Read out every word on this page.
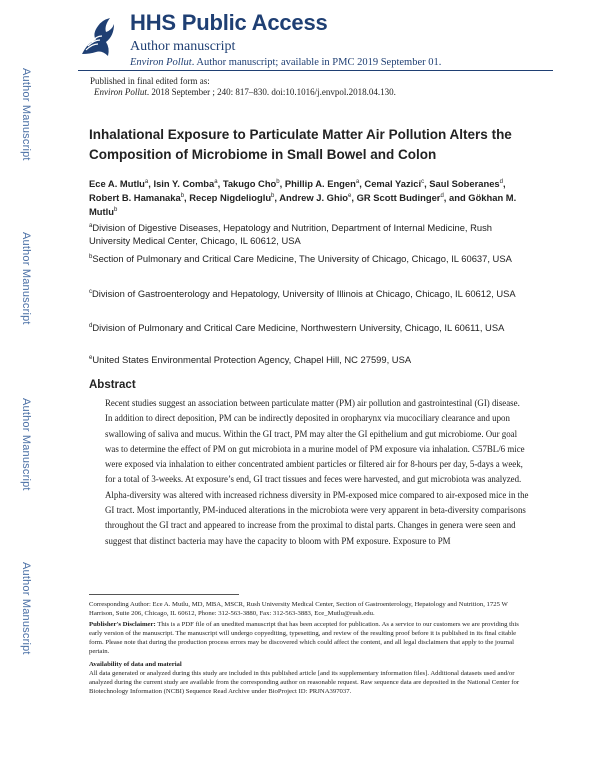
Author Manuscript
Author Manuscript
Author Manuscript
Author Manuscript
HHS Public Access
Author manuscript
Environ Pollut. Author manuscript; available in PMC 2019 September 01.
Published in final edited form as:
Environ Pollut. 2018 September ; 240: 817–830. doi:10.1016/j.envpol.2018.04.130.
Inhalational Exposure to Particulate Matter Air Pollution Alters the Composition of Microbiome in Small Bowel and Colon
Ece A. Mutlu$^a$, Isin Y. Comba$^a$, Takugo Cho$^b$, Phillip A. Engen$^a$, Cemal Yazici$^c$, Saul Soberanes$^d$, Robert B. Hamanaka$^b$, Recep Nigdelioglu$^b$, Andrew J. Ghio$^e$, GR Scott Budinger$^d$, and Gökhan M. Mutlu$^b$
$^a$Division of Digestive Diseases, Hepatology and Nutrition, Department of Internal Medicine, Rush University Medical Center, Chicago, IL 60612, USA
$^b$Section of Pulmonary and Critical Care Medicine, The University of Chicago, Chicago, IL 60637, USA
$^c$Division of Gastroenterology and Hepatology, University of Illinois at Chicago, Chicago, IL 60612, USA
$^d$Division of Pulmonary and Critical Care Medicine, Northwestern University, Chicago, IL 60611, USA
$^e$United States Environmental Protection Agency, Chapel Hill, NC 27599, USA
Abstract
Recent studies suggest an association between particulate matter (PM) air pollution and gastrointestinal (GI) disease. In addition to direct deposition, PM can be indirectly deposited in oropharynx via mucociliary clearance and upon swallowing of saliva and mucus. Within the GI tract, PM may alter the GI epithelium and gut microbiome. Our goal was to determine the effect of PM on gut microbiota in a murine model of PM exposure via inhalation. C57BL/6 mice were exposed via inhalation to either concentrated ambient particles or filtered air for 8-hours per day, 5-days a week, for a total of 3-weeks. At exposure’s end, GI tract tissues and feces were harvested, and gut microbiota was analyzed. Alpha-diversity was altered with increased richness diversity in PM-exposed mice compared to air-exposed mice in the GI tract. Most importantly, PM-induced alterations in the microbiota were very apparent in beta-diversity comparisons throughout the GI tract and appeared to increase from the proximal to distal parts. Changes in genera were seen and suggest that distinct bacteria may have the capacity to bloom with PM exposure. Exposure to PM
Corresponding Author: Ece A. Mutlu, MD, MBA, MSCR, Rush University Medical Center, Section of Gastroenterology, Hepatology and Nutrition, 1725 W Harrison, Suite 206, Chicago, IL 60612, Phone: 312-563-3880, Fax: 312-563-3883, Ece_Mutlu@rush.edu.
Publisher's Disclaimer: This is a PDF file of an unedited manuscript that has been accepted for publication. As a service to our customers we are providing this early version of the manuscript. The manuscript will undergo copyediting, typesetting, and review of the resulting proof before it is published in its final citable form. Please note that during the production process errors may be discovered which could affect the content, and all legal disclaimers that apply to the journal pertain.
Availability of data and material
All data generated or analyzed during this study are included in this published article [and its supplementary information files]. Additional datasets used and/or analyzed during the current study are available from the corresponding author on reasonable request. Raw sequence data are deposited in the National Center for Biotechnology Information (NCBI) Sequence Read Archive under BioProject ID: PRJNA397037.
